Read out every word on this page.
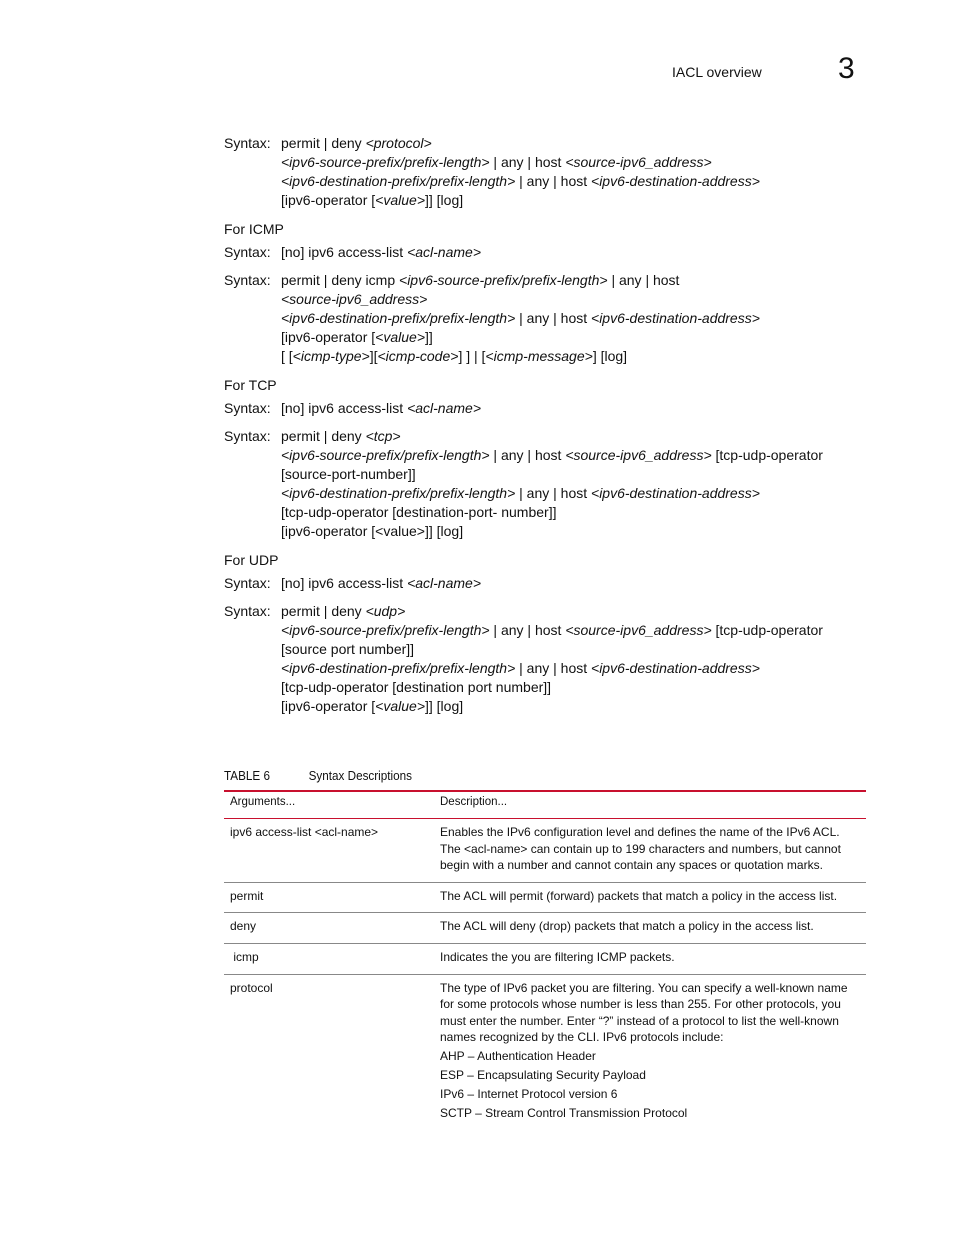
IACL overview	3
Syntax: permit | deny <protocol>
<ipv6-source-prefix/prefix-length> | any | host <source-ipv6_address>
<ipv6-destination-prefix/prefix-length> | any | host <ipv6-destination-address>
[ipv6-operator [<value>]] [log]
For ICMP
Syntax: [no] ipv6 access-list <acl-name>
Syntax: permit | deny icmp <ipv6-source-prefix/prefix-length> | any | host
<source-ipv6_address>
<ipv6-destination-prefix/prefix-length> | any | host <ipv6-destination-address>
[ipv6-operator [<value>]]
[ [<icmp-type>][<icmp-code>] ] | [<icmp-message>] [log]
For TCP
Syntax: [no] ipv6 access-list <acl-name>
Syntax: permit | deny <tcp>
<ipv6-source-prefix/prefix-length> | any | host <source-ipv6_address> [tcp-udp-operator
[source-port-number]]
<ipv6-destination-prefix/prefix-length> | any | host <ipv6-destination-address>
[tcp-udp-operator [destination-port- number]]
[ipv6-operator [<value>]] [log]
For UDP
Syntax: [no] ipv6 access-list <acl-name>
Syntax: permit | deny <udp>
<ipv6-source-prefix/prefix-length> | any | host <source-ipv6_address> [tcp-udp-operator
[source port number]]
<ipv6-destination-prefix/prefix-length> | any | host <ipv6-destination-address>
[tcp-udp-operator [destination port number]]
[ipv6-operator [<value>]] [log]
TABLE 6	Syntax Descriptions
Arguments...	Description...
ipv6 access-list <acl-name>	Enables the IPv6 configuration level and defines the name of the IPv6 ACL. The <acl-name> can contain up to 199 characters and numbers, but cannot begin with a number and cannot contain any spaces or quotation marks.
permit	The ACL will permit (forward) packets that match a policy in the access list.
deny	The ACL will deny (drop) packets that match a policy in the access list.
icmp	Indicates the you are filtering ICMP packets.
protocol	The type of IPv6 packet you are filtering. You can specify a well-known name for some protocols whose number is less than 255. For other protocols, you must enter the number. Enter “?” instead of a protocol to list the well-known names recognized by the CLI. IPv6 protocols include:

AHP – Authentication Header

ESP – Encapsulating Security Payload

IPv6 – Internet Protocol version 6

SCTP – Stream Control Transmission Protocol
